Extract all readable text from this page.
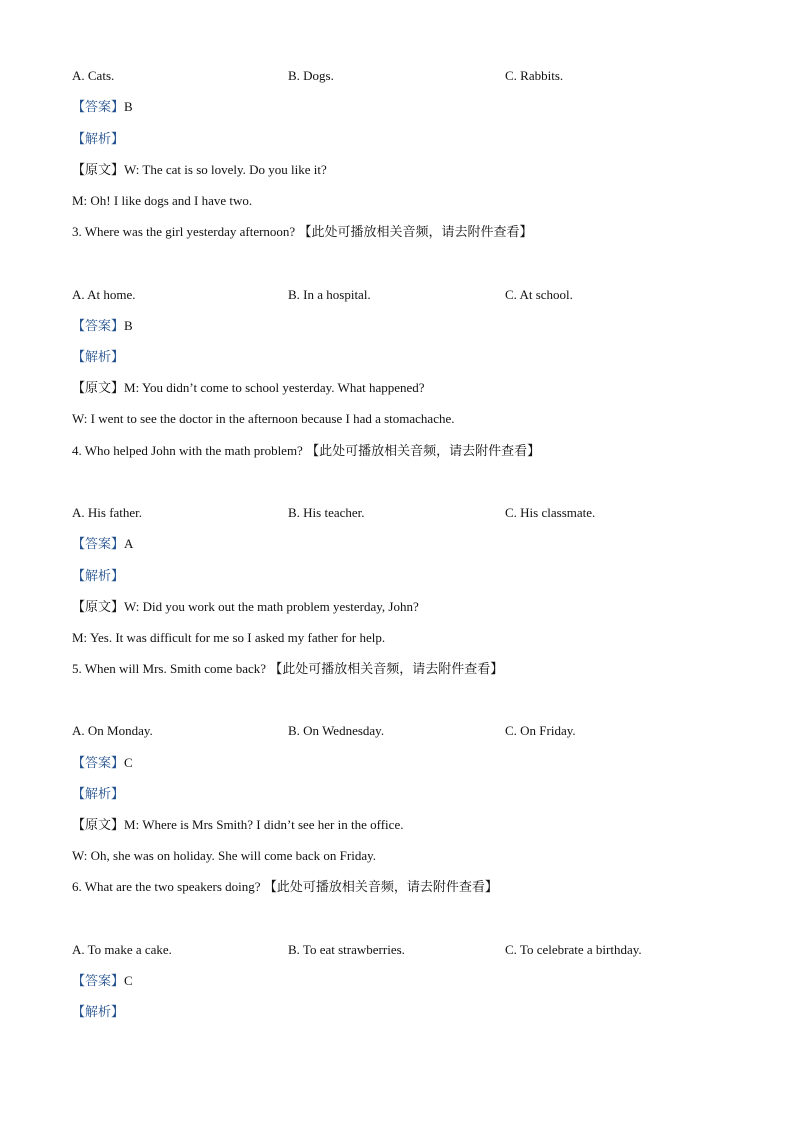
A. Cats.	B. Dogs.	C. Rabbits.
【答案】B
【解析】
【原文】W: The cat is so lovely. Do you like it?
M: Oh! I like dogs and I have two.
3. Where was the girl yesterday afternoon? 【此处可播放相关音频，请去附件查看】
A. At home.	B. In a hospital.	C. At school.
【答案】B
【解析】
【原文】M: You didn’t come to school yesterday. What happened?
W: I went to see the doctor in the afternoon because I had a stomachache.
4. Who helped John with the math problem? 【此处可播放相关音频，请去附件查看】
A. His father.	B. His teacher.	C. His classmate.
【答案】A
【解析】
【原文】W: Did you work out the math problem yesterday, John?
M: Yes. It was difficult for me so I asked my father for help.
5. When will Mrs. Smith come back? 【此处可播放相关音频，请去附件查看】
A. On Monday.	B. On Wednesday.	C. On Friday.
【答案】C
【解析】
【原文】M: Where is Mrs Smith? I didn’t see her in the office.
W: Oh, she was on holiday. She will come back on Friday.
6. What are the two speakers doing? 【此处可播放相关音频，请去附件查看】
A. To make a cake.	B. To eat strawberries.	C. To celebrate a birthday.
【答案】C
【解析】
